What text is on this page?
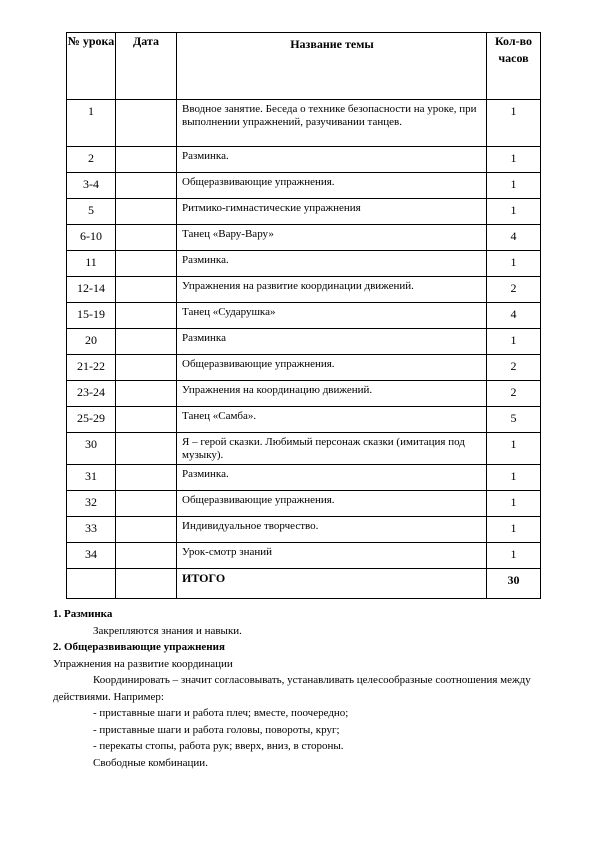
№ урока	Дата	Название темы	Кол-во часов
1		Вводное занятие. Беседа о технике безопасности на уроке, при выполнении упражнений, разучивании танцев.	1
2		Разминка.	1
3-4		Общеразвивающие упражнения.	1
5		Ритмико-гимнастические упражнения	1
6-10		Танец «Вару-Вару»	4
11		Разминка.	1
12-14		Упражнения на развитие координации движений.	2
15-19		Танец «Сударушка»	4
20		Разминка	1
21-22		Общеразвивающие упражнения.	2
23-24		Упражнения на координацию движений.	2
25-29		Танец «Самба».	5
30		Я – герой сказки. Любимый персонаж сказки (имитация под музыку).	1
31		Разминка.	1
32		Общеразвивающие упражнения.	1
33		Индивидуальное творчество.	1
34		Урок-смотр знаний	1
		ИТОГО	30

1. Разминка

Закрепляются знания и навыки.

2. Общеразвивающие упражнения

Упражнения на развитие координации

Координировать – значит согласовывать, устанавливать целесообразные соотношения между действиями. Например:

- приставные шаги и работа плеч; вместе, поочередно;

- приставные шаги и работа головы, повороты, круг;

- перекаты стопы, работа рук; вверх, вниз, в стороны.

Свободные комбинации.
